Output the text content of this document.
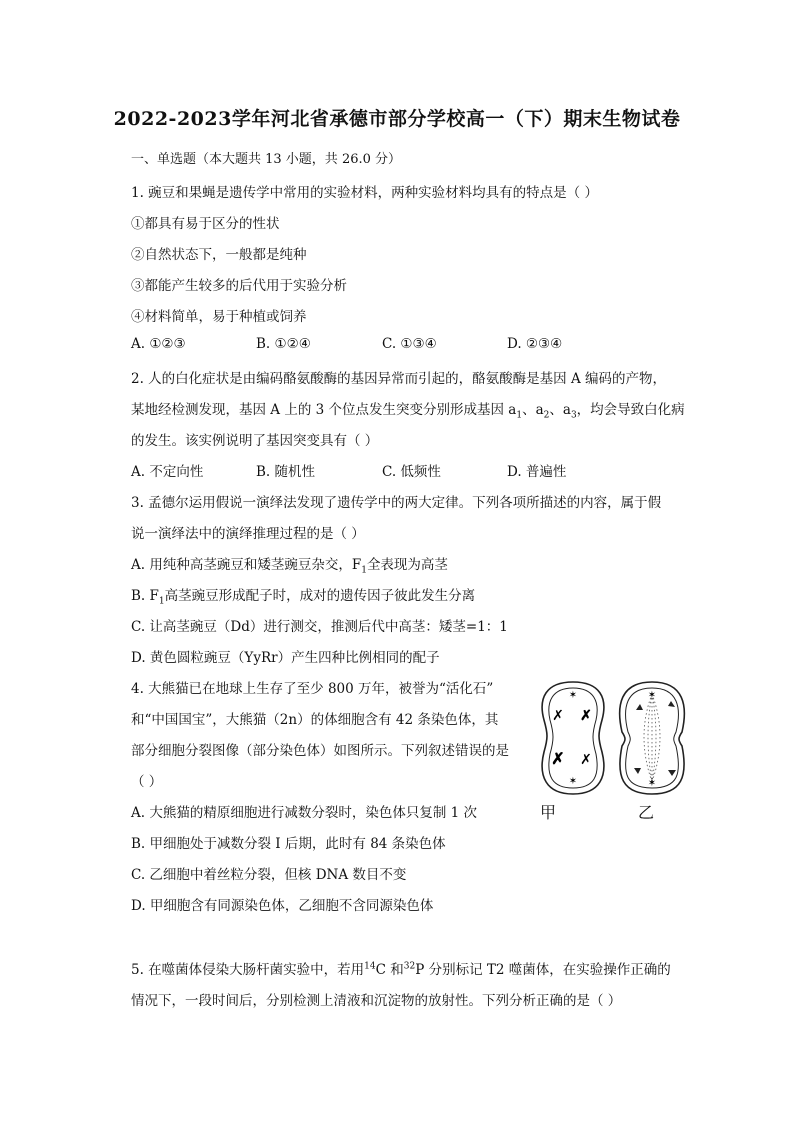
2022-2023学年河北省承德市部分学校高一（下）期末生物试卷
一、单选题（本大题共 13 小题，共 26.0 分）
1. 豌豆和果蝇是遗传学中常用的实验材料，两种实验材料均具有的特点是（ ）
①都具有易于区分的性状
②自然状态下，一般都是纯种
③都能产生较多的后代用于实验分析
④材料简单，易于种植或饲养
A. ①②③	B. ①②④	C. ①③④	D. ②③④
2. 人的白化症状是由编码酪氨酸酶的基因异常而引起的，酪氨酸酶是基因 A 编码的产物，
某地经检测发现，基因 A 上的 3 个位点发生突变分别形成基因 $a_1$、$a_2$、$a_3$，均会导致白化病
的发生。该实例说明了基因突变具有（ ）
A. 不定向性	B. 随机性	C. 低频性	D. 普遍性
3. 孟德尔运用假说一演绎法发现了遗传学中的两大定律。下列各项所描述的内容，属于假
说一演绎法中的演绎推理过程的是（ ）
A. 用纯种高茎豌豆和矮茎豌豆杂交，$F_1$全表现为高茎
B. $F_1$高茎豌豆形成配子时，成对的遗传因子彼此发生分离
C. 让高茎豌豆（Dd）进行测交，推测后代中高茎：矮茎=1：1
D. 黄色圆粒豌豆（YyRr）产生四种比例相同的配子
4. 大熊猫已在地球上生存了至少 800 万年，被誉为“活化石”
和“中国国宝”，大熊猫（2n）的体细胞含有 42 条染色体，其
部分细胞分裂图像（部分染色体）如图所示。下列叙述错误的是
（ ）
A. 大熊猫的精原细胞进行减数分裂时，染色体只复制 1 次
B. 甲细胞处于减数分裂 I 后期，此时有 84 条染色体
C. 乙细胞中着丝粒分裂，但核 DNA 数目不变
D. 甲细胞含有同源染色体，乙细胞不含同源染色体
✶
✶
✗ ✗
✗ ✗
✶
✶
甲	乙
5. 在噬菌体侵染大肠杆菌实验中，若用$^{14}$C 和$^{32}$P 分别标记 T2 噬菌体，在实验操作正确的
情况下，一段时间后，分别检测上清液和沉淀物的放射性。下列分析正确的是（ ）
